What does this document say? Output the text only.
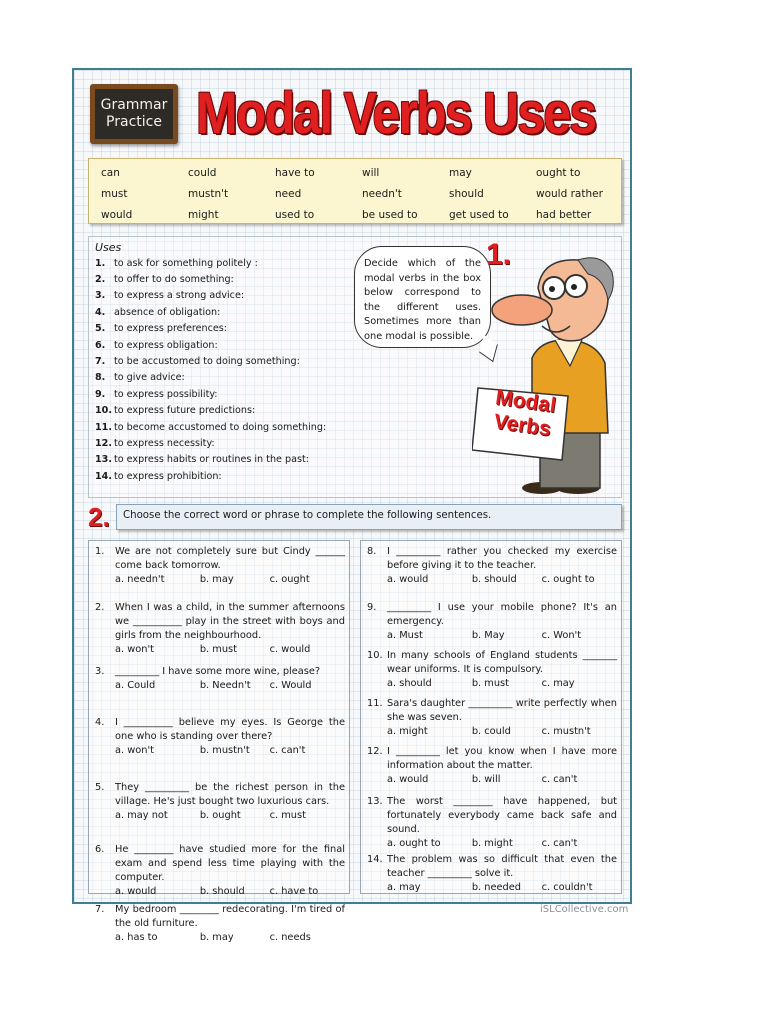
Grammar
Practice Modal Verbs Uses
can	could	have to	will	may	ought to
must	mustn't	need	needn't	should	would rather
would	might	used to	be used to	get used to	had better
Uses
1. to ask for something politely :
2. to offer to do something:
3. to express a strong advice:
4. absence of obligation:
5. to express preferences:
6. to express obligation:
7. to be accustomed to doing something:
8. to give advice:
9. to express possibility:
10. to express future predictions:
11. to become accustomed to doing something:
12. to express necessity:
13. to express habits or routines in the past:
14. to express prohibition:
Decide which of the modal verbs in the box below correspond to the different uses. Sometimes more than one modal is possible.
1.
Modal
Verbs
2.	Choose the correct word or phrase to complete the following sentences.
1.	We are not completely sure but Cindy ______ come back tomorrow.
a. needn't	b. may	c. ought
2.	When I was a child, in the summer afternoons we __________ play in the street with boys and girls from the neighbourhood.
a. won't	b. must	c. would
3.	_________ I have some more wine, please?
a. Could	b. Needn't	c. Would
4.	I __________ believe my eyes. Is George the one who is standing over there?
a. won't	b. mustn't	c. can't
5.	They _________ be the richest person in the village. He's just bought two luxurious cars.
a. may not	b. ought	c. must
6.	He ________ have studied more for the final exam and spend less time playing with the computer.
a. would	b. should	c. have to
7.	My bedroom ________ redecorating. I'm tired of the old furniture.
a. has to	b. may	c. needs
8.	I _________ rather you checked my exercise before giving it to the teacher.
a. would	b. should	c. ought to
9.	_________ I use your mobile phone? It's an emergency.
a. Must	b. May	c. Won't
10. In many schools of England students _______ wear uniforms. It is compulsory.
a. should	b. must	c. may
11. Sara's daughter _________ write perfectly when she was seven.
a. might	b. could	c. mustn't
12. I _________ let you know when I have more information about the matter.
a. would	b. will	c. can't
13. The worst ________ have happened, but fortunately everybody came back safe and sound.
a. ought to	b. might	c. can't
14. The problem was so difficult that even the teacher _________ solve it.
a. may	b. needed	c. couldn't
iSLCollective.com
